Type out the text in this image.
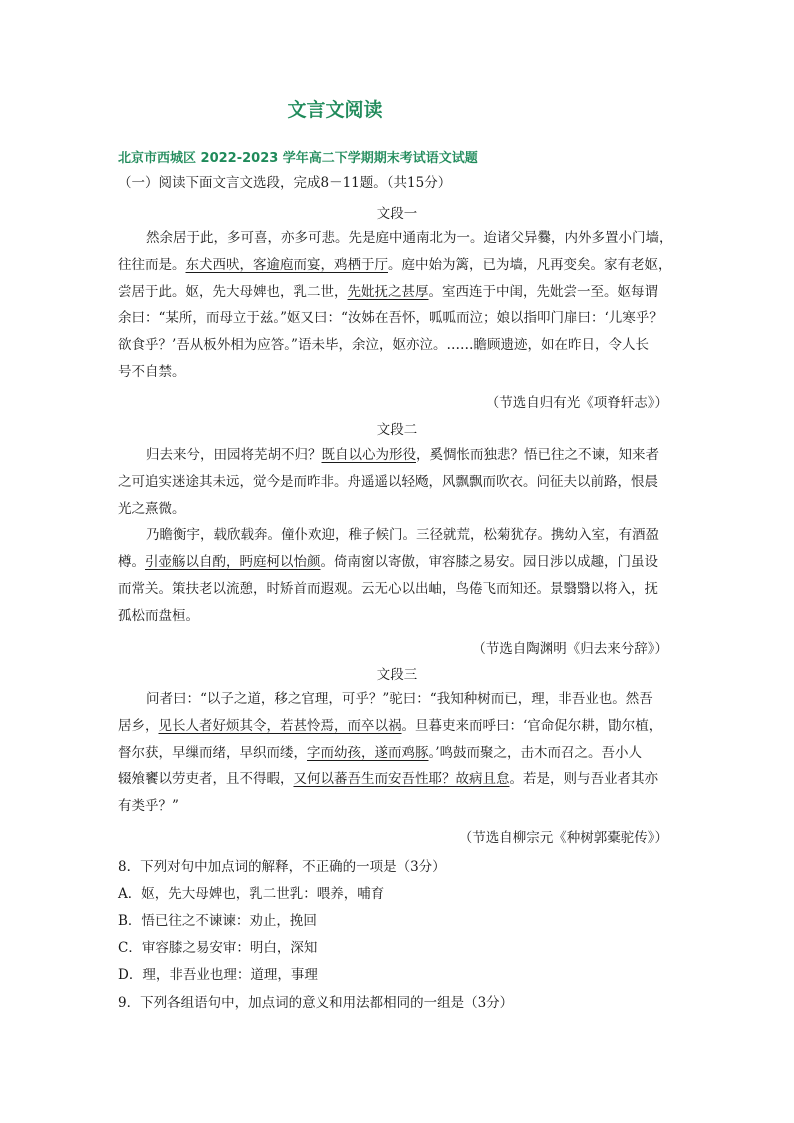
文言文阅读
北京市西城区 2022-2023 学年高二下学期期末考试语文试题
（一）阅读下面文言文选段，完成8－11题。（共15分）
文段一
然余居于此，多可喜，亦多可悲。先是庭中通南北为一。迨诸父异爨，内外多置小门墙，
往往而是。东犬西吠，客逾庖而宴，鸡栖于厅。庭中始为篱，已为墙，凡再变矣。家有老妪，
尝居于此。妪，先大母婢也，乳二世，先妣抚之甚厚。室西连于中闺，先妣尝一至。妪每谓
余曰：“某所，而母立于兹。”妪又曰：“汝姊在吾怀，呱呱而泣；娘以指叩门扉曰：‘儿寒乎？
欲食乎？’吾从板外相为应答。”语未毕，余泣，妪亦泣。……瞻顾遗迹，如在昨日，令人长
号不自禁。
（节选自归有光《项脊轩志》）
文段二
归去来兮，田园将芜胡不归？既自以心为形役，奚惆怅而独悲？悟已往之不谏，知来者
之可追实迷途其未远，觉今是而昨非。舟遥遥以轻飏，风飘飘而吹衣。问征夫以前路，恨晨
光之熹微。
乃瞻衡宇，载欣载奔。僮仆欢迎，稚子候门。三径就荒，松菊犹存。携幼入室，有酒盈
樽。引壶觞以自酌，眄庭柯以怡颜。倚南窗以寄傲，审容膝之易安。园日涉以成趣，门虽设
而常关。策扶老以流憩，时矫首而遐观。云无心以出岫，鸟倦飞而知还。景翳翳以将入，抚
孤松而盘桓。
（节选自陶渊明《归去来兮辞》）
文段三
问者曰：“以子之道，移之官理，可乎？”驼曰：“我知种树而已，理，非吾业也。然吾
居乡，见长人者好烦其令，若甚怜焉，而卒以祸。旦暮吏来而呼曰：‘官命促尔耕，勖尔植，
督尔获，早缫而绪，早织而缕，字而幼孩，遂而鸡豚。’鸣鼓而聚之，击木而召之。吾小人
辍飧饔以劳吏者，且不得暇，又何以蕃吾生而安吾性耶？故病且怠。若是，则与吾业者其亦
有类乎？”
（节选自柳宗元《种树郭橐驼传》）
8．下列对句中加点词的解释，不正确的一项是（3分）
A．妪，先大母婢也，乳二世乳：喂养，哺育
B．悟已往之不谏谏：劝止，挽回
C．审容膝之易安审：明白，深知
D．理，非吾业也理：道理，事理
9．下列各组语句中，加点词的意义和用法都相同的一组是（3分）
